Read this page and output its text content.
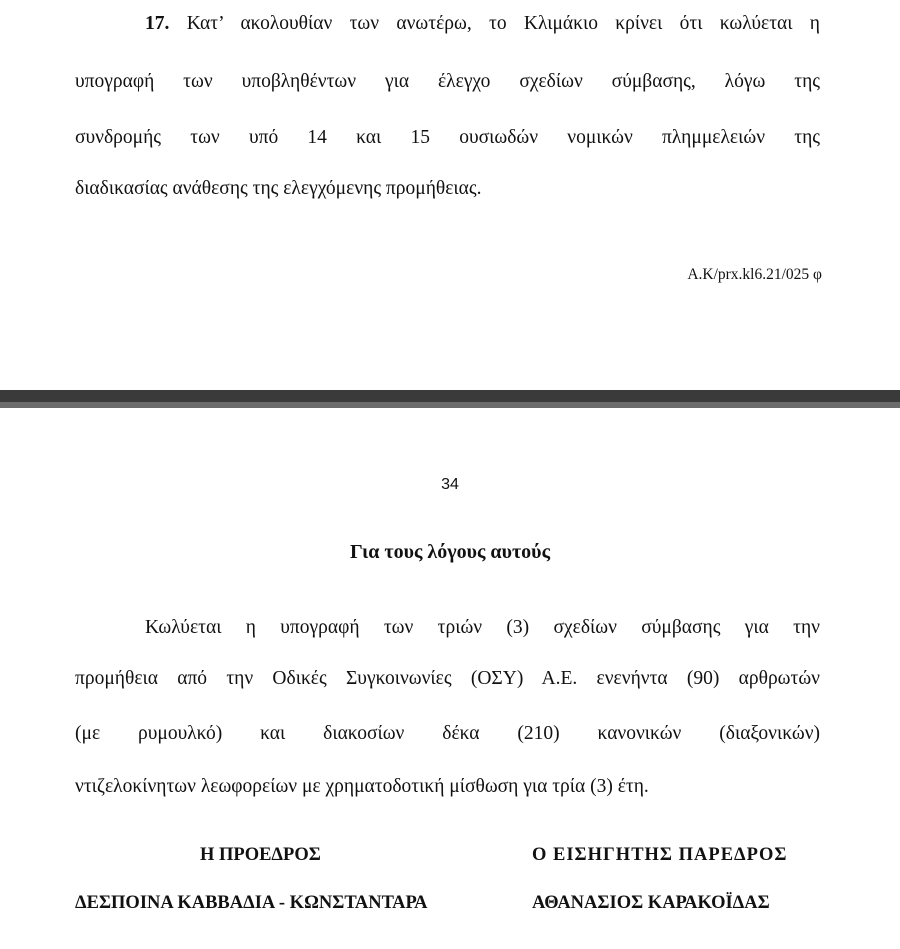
17. Κατ’ ακολουθίαν των ανωτέρω, το Κλιμάκιο κρίνει ότι κωλύεται η

υπογραφή των υποβληθέντων για έλεγχο σχεδίων σύμβασης, λόγω της

συνδρομής των υπό 14 και 15 ουσιωδών νομικών πλημμελειών της

διαδικασίας ανάθεσης της ελεγχόμενης προμήθειας.

Α.Κ/prx.kl6.21/025 φ
34
Για τους λόγους αυτούς

Κωλύεται η υπογραφή των τριών (3) σχεδίων σύμβασης για την

προμήθεια από την Οδικές Συγκοινωνίες (ΟΣΥ) Α.Ε. ενενήντα (90) αρθρωτών

(με ρυμουλκό) και διακοσίων δέκα (210) κανονικών (διαξονικών)

ντιζελοκίνητων λεωφορείων με χρηματοδοτική μίσθωση για τρία (3) έτη.

Η ΠΡΟΕΔΡΟΣ
ΔΕΣΠΟΙΝΑ ΚΑΒΒΑΔΙΑ - ΚΩΝΣΤΑΝΤΑΡΑ
Ο ΕΙΣΗΓΗΤΗΣ ΠΑΡΕΔΡΟΣ
ΑΘΑΝΑΣΙΟΣ ΚΑΡΑΚΟΪΔΑΣ
